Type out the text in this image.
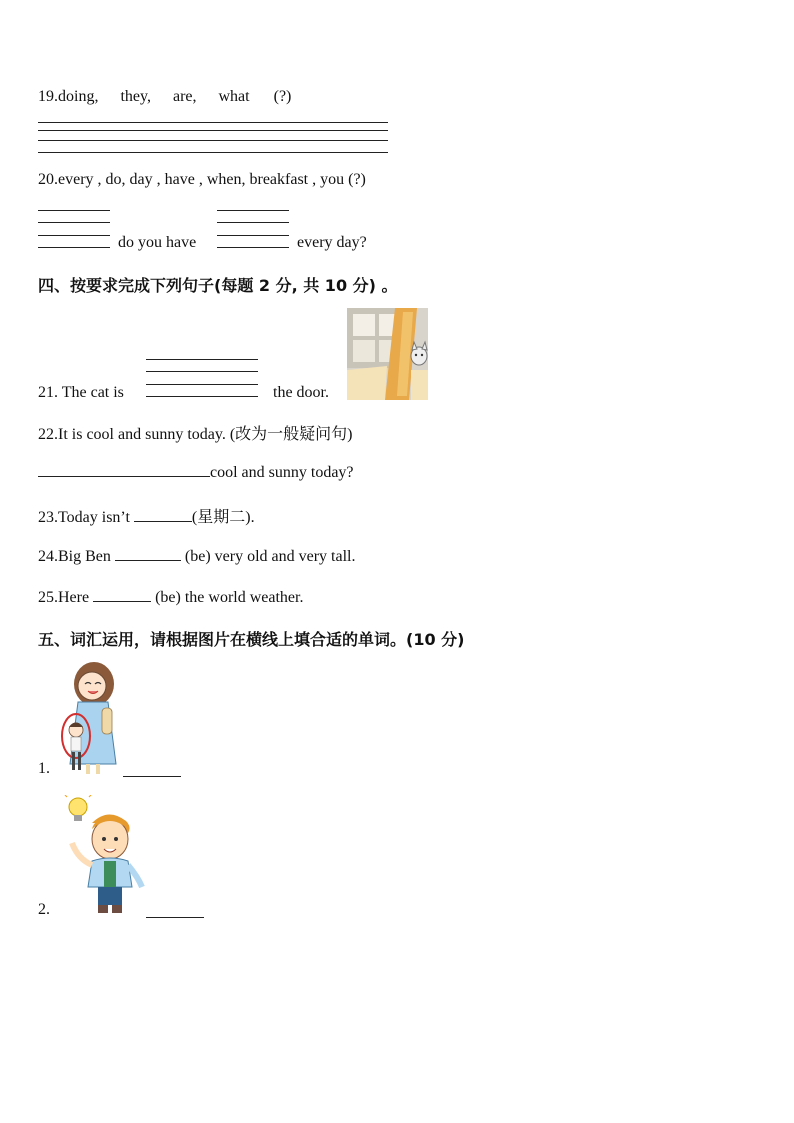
19.doing, they, are, what (?)
20.every , do, day , have , when, breakfast , you (?)
do you have	every day?
四、按要求完成下列句子(每题 2 分, 共 10 分) 。
21. The cat is	the door.
22.It is cool and sunny today. (改为一般疑问句)
cool and sunny today?
23.Today isn’t	(星期二).
24.Big Ben	(be) very old and very tall.
25.Here	(be) the world weather.
五、词汇运用，请根据图片在横线上填合适的单词。(10 分)
1.
2.
